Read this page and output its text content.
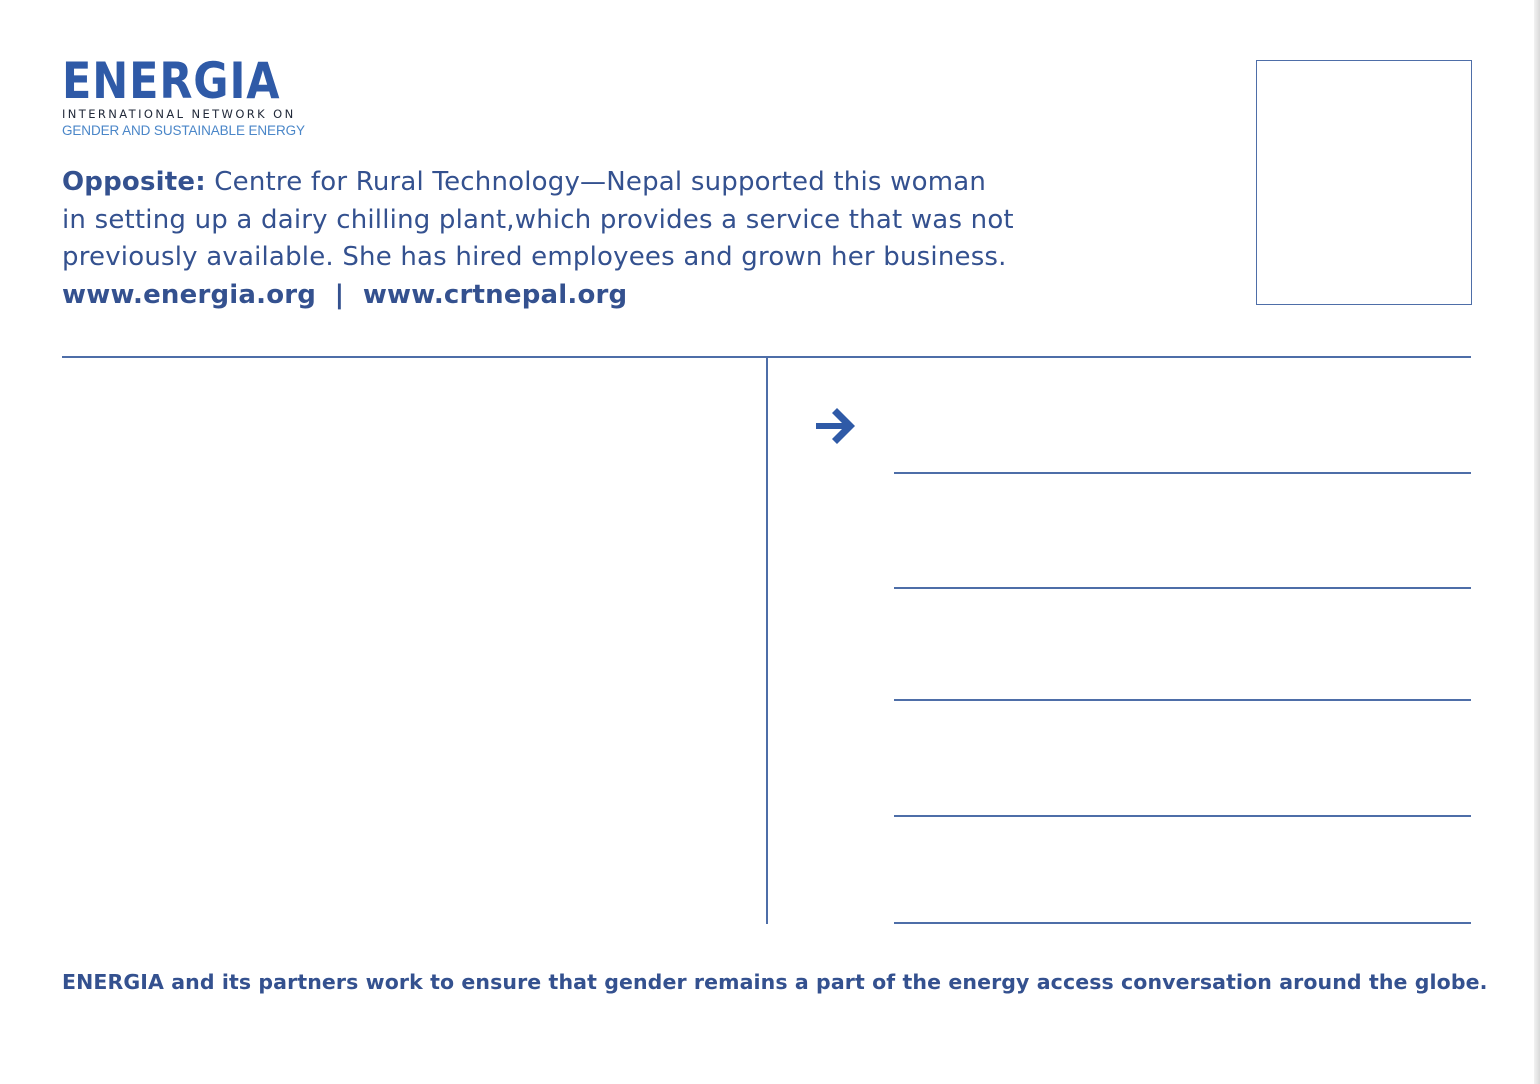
ENERGIA
INTERNATIONAL NETWORK ON
GENDER AND SUSTAINABLE ENERGY
Opposite: Centre for Rural Technology—Nepal supported this woman
in setting up a dairy chilling plant,which provides a service that was not
previously available. She has hired employees and grown her business.
www.energia.org  |  www.crtnepal.org
ENERGIA and its partners work to ensure that gender remains a part of the energy access conversation around the globe.
